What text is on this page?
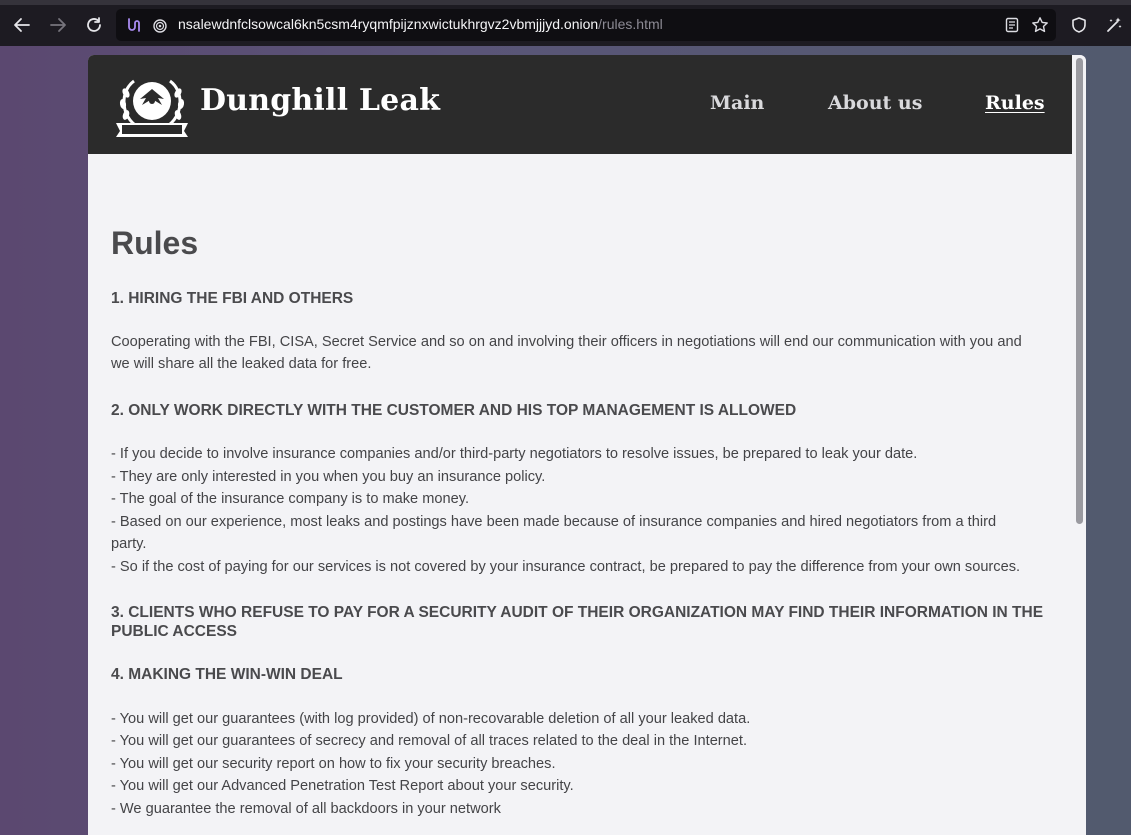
nsalewdnfclsowcal6kn5csm4ryqmfpijznxwictukhrgvz2vbmjjjyd.onion/rules.html
Dunghill Leak	Main	About us	Rules
Rules
1. HIRING THE FBI AND OTHERS
Cooperating with the FBI, CISA, Secret Service and so on and involving their officers in negotiations will end our communication with you and
we will share all the leaked data for free.
2. ONLY WORK DIRECTLY WITH THE CUSTOMER AND HIS TOP MANAGEMENT IS ALLOWED
- If you decide to involve insurance companies and/or third-party negotiators to resolve issues, be prepared to leak your date.
- They are only interested in you when you buy an insurance policy.
- The goal of the insurance company is to make money.
- Based on our experience, most leaks and postings have been made because of insurance companies and hired negotiators from a third
party.
- So if the cost of paying for our services is not covered by your insurance contract, be prepared to pay the difference from your own sources.
3. CLIENTS WHO REFUSE TO PAY FOR A SECURITY AUDIT OF THEIR ORGANIZATION MAY FIND THEIR INFORMATION IN THE PUBLIC ACCESS
4. MAKING THE WIN-WIN DEAL
- You will get our guarantees (with log provided) of non-recovarable deletion of all your leaked data.
- You will get our guarantees of secrecy and removal of all traces related to the deal in the Internet.
- You will get our security report on how to fix your security breaches.
- You will get our Advanced Penetration Test Report about your security.
- We guarantee the removal of all backdoors in your network
